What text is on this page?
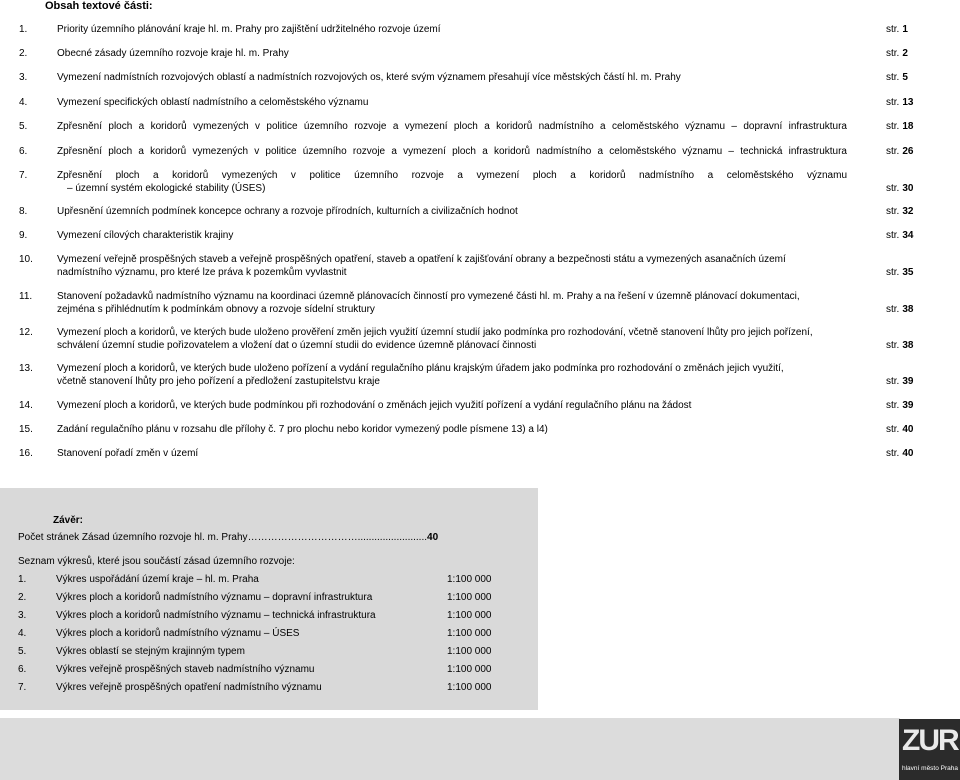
Obsah textové části:
1.	Priority územního plánování kraje hl. m. Prahy pro zajištění udržitelného rozvoje území	str. 1
2.	Obecné zásady územního rozvoje kraje hl. m. Prahy	str. 2
3.	Vymezení nadmístních rozvojových oblastí a nadmístních rozvojových os, které svým významem přesahují více městských částí hl. m. Prahy	str. 5
4.	Vymezení specifických oblastí nadmístního a celoměstského významu	str. 13
5.	Zpřesnění ploch a koridorů vymezených v politice územního rozvoje a vymezení ploch a koridorů nadmístního a celoměstského významu – dopravní infrastruktura	str. 18
6.	Zpřesnění ploch a koridorů vymezených v politice územního rozvoje a vymezení ploch a koridorů nadmístního a celoměstského významu – technická infrastruktura	str. 26
7.	Zpřesnění ploch a koridorů vymezených v politice územního rozvoje a vymezení ploch a koridorů nadmístního a celoměstského významu
– územní systém ekologické stability (ÚSES)	str. 30
8.	Upřesnění územních podmínek koncepce ochrany a rozvoje přírodních, kulturních a civilizačních hodnot	str. 32
9.	Vymezení cílových charakteristik krajiny	str. 34
10. Vymezení veřejně prospěšných staveb a veřejně prospěšných opatření, staveb a opatření k zajišťování obrany a bezpečnosti státu a vymezených asanačních území
nadmístního významu, pro které lze práva k pozemkům vyvlastnit	str. 35
11. Stanovení požadavků nadmístního významu na koordinaci územně plánovacích činností pro vymezené části hl. m. Prahy a na řešení v územně plánovací dokumentaci,
zejména s přihlédnutím k podmínkám obnovy a rozvoje sídelní struktury	str. 38
12. Vymezení ploch a koridorů, ve kterých bude uloženo prověření změn jejich využití územní studií jako podmínka pro rozhodování, včetně stanovení lhůty pro jejich pořízení,
schválení územní studie pořizovatelem a vložení dat o územní studii do evidence územně plánovací činnosti	str. 38
13. Vymezení ploch a koridorů, ve kterých bude uloženo pořízení a vydání regulačního plánu krajským úřadem jako podmínka pro rozhodování o změnách jejich využití,
včetně stanovení lhůty pro jeho pořízení a předložení zastupitelstvu kraje	str. 39
14. Vymezení ploch a koridorů, ve kterých bude podmínkou při rozhodování o změnách jejich využití pořízení a vydání regulačního plánu na žádost	str. 39
15. Zadání regulačního plánu v rozsahu dle přílohy č. 7 pro plochu nebo koridor vymezený podle písmene 13) a l4)	str. 40
16. Stanovení pořadí změn v území	str. 40
Závěr:
Počet stránek Zásad územního rozvoje hl. m. Prahy…………………………….........................40
Seznam výkresů, které jsou součástí zásad územního rozvoje:
1.	Výkres uspořádání území kraje – hl. m. Praha	1:100 000
2.	Výkres ploch a koridorů nadmístního významu – dopravní infrastruktura	1:100 000
3.	Výkres ploch a koridorů nadmístního významu – technická infrastruktura	1:100 000
4.	Výkres ploch a koridorů nadmístního významu – ÚSES	1:100 000
5.	Výkres oblastí se stejným krajinným typem	1:100 000
6.	Výkres veřejně prospěšných staveb nadmístního významu	1:100 000
7.	Výkres veřejně prospěšných opatření nadmístního významu	1:100 000
ZUR
hlavní město Praha
